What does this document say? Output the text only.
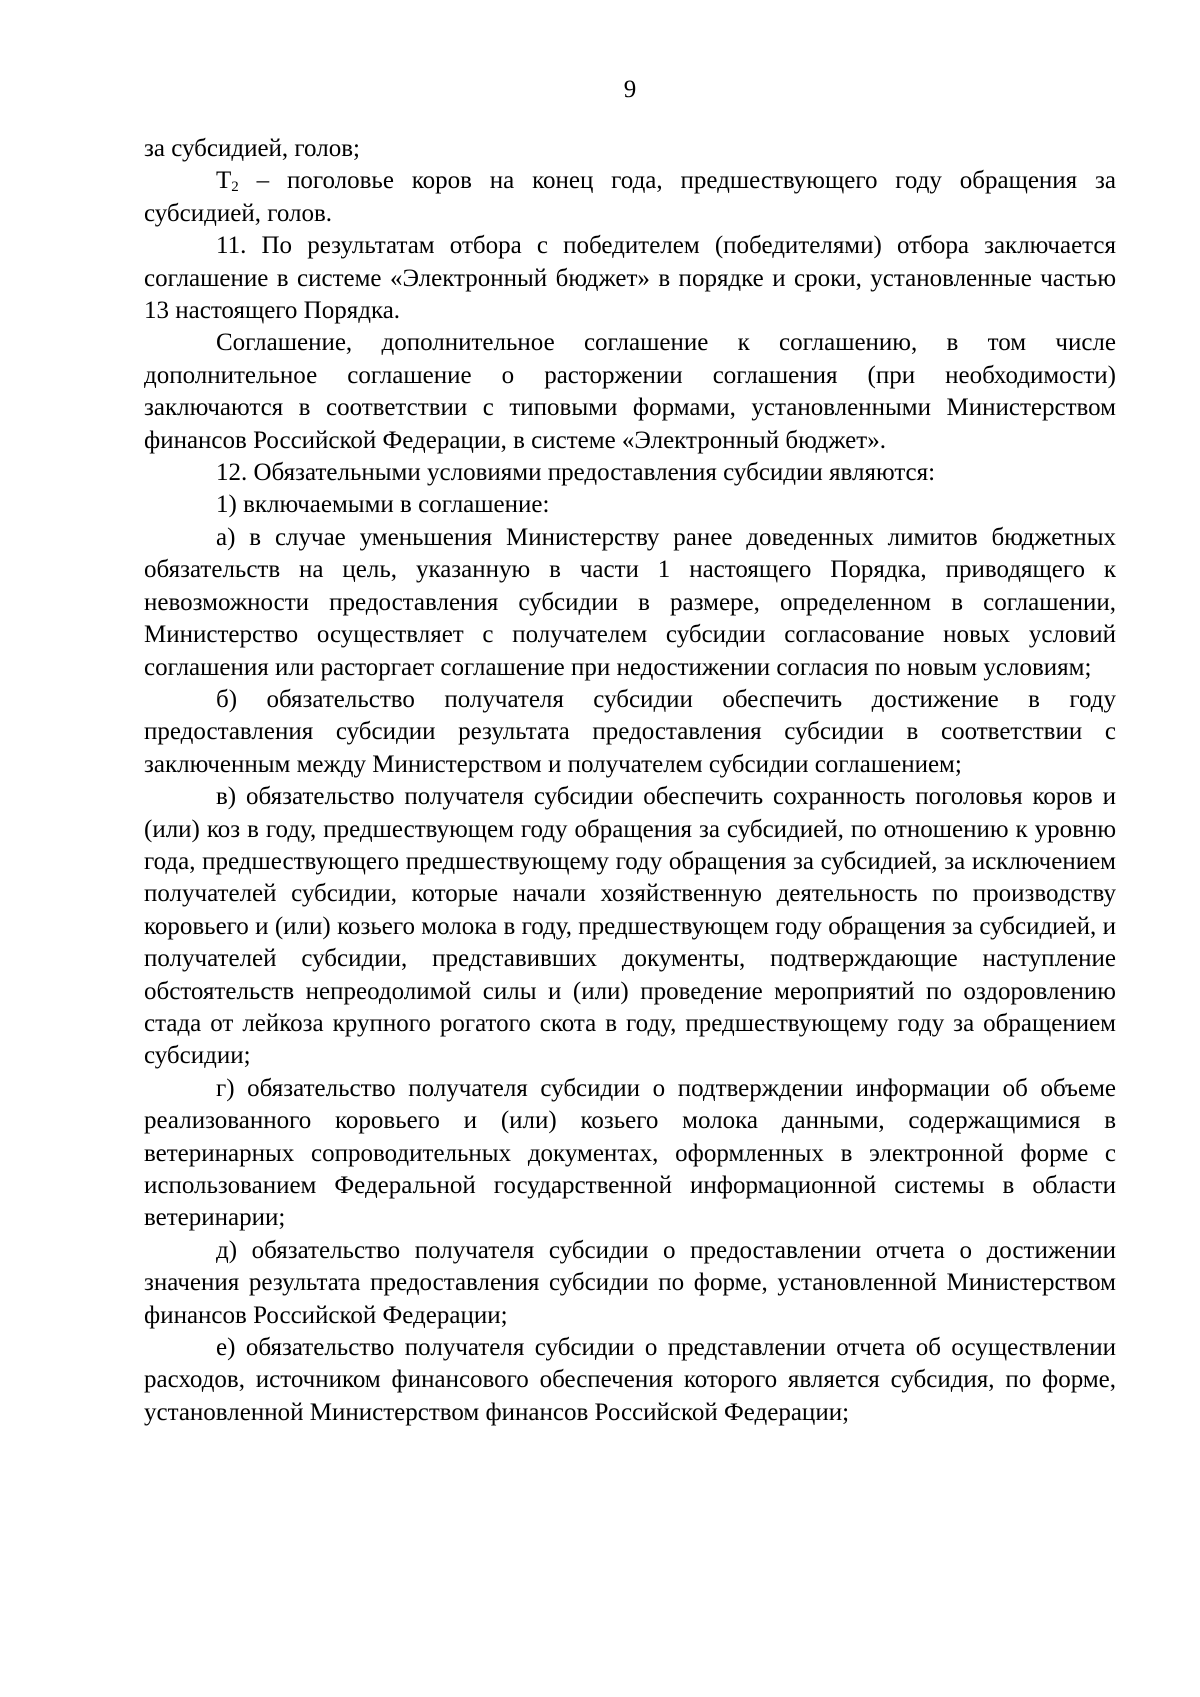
9

за субсидией, голов;

$Т_2$ – поголовье коров на конец года, предшествующего году обращения за субсидией, голов.

11. По результатам отбора с победителем (победителями) отбора заключается соглашение в системе «Электронный бюджет» в порядке и сроки, установленные частью 13 настоящего Порядка.

Соглашение, дополнительное соглашение к соглашению, в том числе дополнительное соглашение о расторжении соглашения (при необходимости) заключаются в соответствии с типовыми формами, установленными Министерством финансов Российской Федерации, в системе «Электронный бюджет».

12. Обязательными условиями предоставления субсидии являются:

1) включаемыми в соглашение:

а) в случае уменьшения Министерству ранее доведенных лимитов бюджетных обязательств на цель, указанную в части 1 настоящего Порядка, приводящего к невозможности предоставления субсидии в размере, определенном в соглашении, Министерство осуществляет с получателем субсидии согласование новых условий соглашения или расторгает соглашение при недостижении согласия по новым условиям;

б) обязательство получателя субсидии обеспечить достижение в году предоставления субсидии результата предоставления субсидии в соответствии с заключенным между Министерством и получателем субсидии соглашением;

в) обязательство получателя субсидии обеспечить сохранность поголовья коров и (или) коз в году, предшествующем году обращения за субсидией, по отношению к уровню года, предшествующего предшествующему году обращения за субсидией, за исключением получателей субсидии, которые начали хозяйственную деятельность по производству коровьего и (или) козьего молока в году, предшествующем году обращения за субсидией, и получателей субсидии, представивших документы, подтверждающие наступление обстоятельств непреодолимой силы и (или) проведение мероприятий по оздоровлению стада от лейкоза крупного рогатого скота в году, предшествующему году за обращением субсидии;

г) обязательство получателя субсидии о подтверждении информации об объеме реализованного коровьего и (или) козьего молока данными, содержащимися в ветеринарных сопроводительных документах, оформленных в электронной форме с использованием Федеральной государственной информационной системы в области ветеринарии;

д) обязательство получателя субсидии о предоставлении отчета о достижении значения результата предоставления субсидии по форме, установленной Министерством финансов Российской Федерации;

е) обязательство получателя субсидии о представлении отчета об осуществлении расходов, источником финансового обеспечения которого является субсидия, по форме, установленной Министерством финансов Российской Федерации;
